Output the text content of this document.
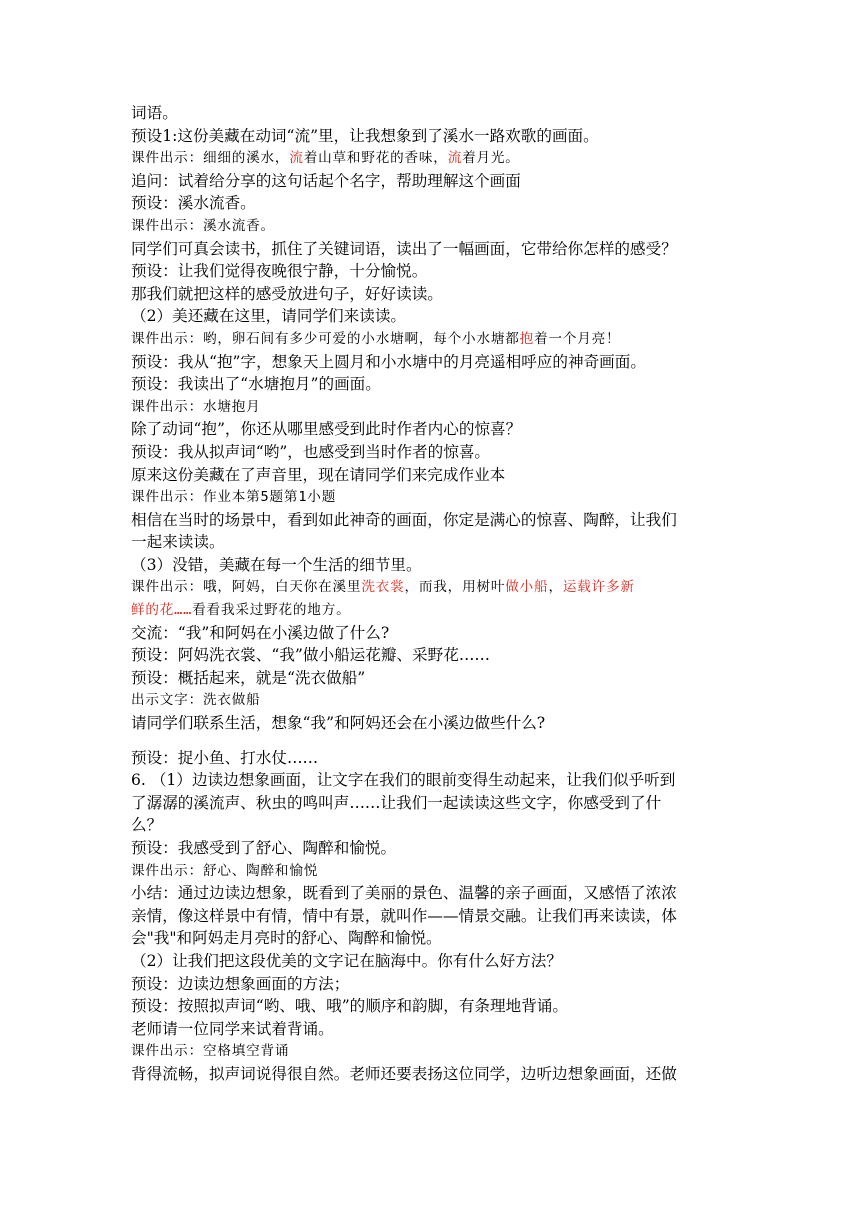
词语。
预设1:这份美藏在动词“流”里，让我想象到了溪水一路欢歌的画面。
课件出示：细细的溪水，流着山草和野花的香味，流着月光。
追问：试着给分享的这句话起个名字，帮助理解这个画面
预设：溪水流香。
课件出示：溪水流香。
同学们可真会读书，抓住了关键词语，读出了一幅画面，它带给你怎样的感受？
预设：让我们觉得夜晚很宁静，十分愉悦。
那我们就把这样的感受放进句子，好好读读。
（2）美还藏在这里，请同学们来读读。
课件出示：哟，卵石间有多少可爱的小水塘啊，每个小水塘都抱着一个月亮！
预设：我从“抱”字，想象天上圆月和小水塘中的月亮遥相呼应的神奇画面。
预设：我读出了“水塘抱月”的画面。
课件出示：水塘抱月
除了动词“抱”，你还从哪里感受到此时作者内心的惊喜？
预设：我从拟声词“哟”，也感受到当时作者的惊喜。
原来这份美藏在了声音里，现在请同学们来完成作业本
课件出示：作业本第5题第1小题
相信在当时的场景中，看到如此神奇的画面，你定是满心的惊喜、陶醉，让我们
一起来读读。
（3）没错，美藏在每一个生活的细节里。
课件出示：哦，阿妈，白天你在溪里洗衣裳，而我，用树叶做小船，运载许多新
鲜的花……看看我采过野花的地方。
交流：“我”和阿妈在小溪边做了什么?
预设：阿妈洗衣裳、“我”做小船运花瓣、采野花……
预设：概括起来，就是“洗衣做船”
出示文字：洗衣做船
请同学们联系生活，想象“我”和阿妈还会在小溪边做些什么?
预设：捉小鱼、打水仗……
6. （1）边读边想象画面，让文字在我们的眼前变得生动起来，让我们似乎听到
了潺潺的溪流声、秋虫的鸣叫声……让我们一起读读这些文字，你感受到了什
么？
预设：我感受到了舒心、陶醉和愉悦。
课件出示：舒心、陶醉和愉悦
小结：通过边读边想象，既看到了美丽的景色、温馨的亲子画面，又感悟了浓浓
亲情，像这样景中有情，情中有景，就叫作——情景交融。让我们再来读读，体
会"我"和阿妈走月亮时的舒心、陶醉和愉悦。
（2）让我们把这段优美的文字记在脑海中。你有什么好方法？
预设：边读边想象画面的方法；
预设：按照拟声词“哟、哦、哦”的顺序和韵脚，有条理地背诵。
老师请一位同学来试着背诵。
课件出示：空格填空背诵
背得流畅，拟声词说得很自然。老师还要表扬这位同学，边听边想象画面，还做
